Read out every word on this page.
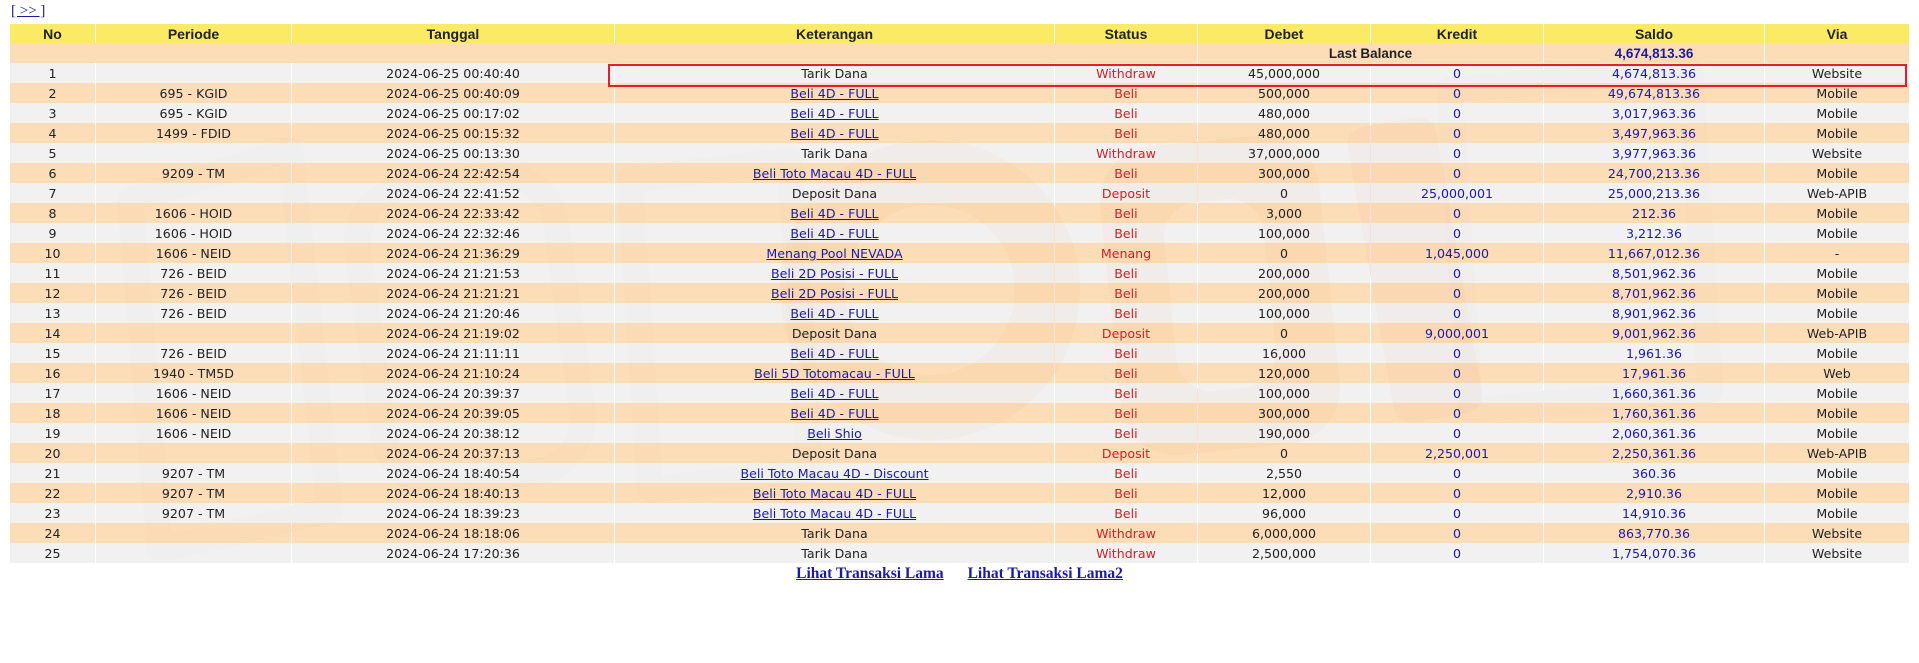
[ >> ]
No	Periode	Tanggal	Keterangan	Status	Debet	Kredit	Saldo	Via
					Last Balance		4,674,813.36	
1		2024-06-25 00:40:40	Tarik Dana	Withdraw	45,000,000	0	4,674,813.36	Website
2	695 - KGID	2024-06-25 00:40:09	Beli 4D - FULL	Beli	500,000	0	49,674,813.36	Mobile
3	695 - KGID	2024-06-25 00:17:02	Beli 4D - FULL	Beli	480,000	0	3,017,963.36	Mobile
4	1499 - FDID	2024-06-25 00:15:32	Beli 4D - FULL	Beli	480,000	0	3,497,963.36	Mobile
5		2024-06-25 00:13:30	Tarik Dana	Withdraw	37,000,000	0	3,977,963.36	Website
6	9209 - TM	2024-06-24 22:42:54	Beli Toto Macau 4D - FULL	Beli	300,000	0	24,700,213.36	Mobile
7		2024-06-24 22:41:52	Deposit Dana	Deposit	0	25,000,001	25,000,213.36	Web-APIB
8	1606 - HOID	2024-06-24 22:33:42	Beli 4D - FULL	Beli	3,000	0	212.36	Mobile
9	1606 - HOID	2024-06-24 22:32:46	Beli 4D - FULL	Beli	100,000	0	3,212.36	Mobile
10	1606 - NEID	2024-06-24 21:36:29	Menang Pool NEVADA	Menang	0	1,045,000	11,667,012.36	-
11	726 - BEID	2024-06-24 21:21:53	Beli 2D Posisi - FULL	Beli	200,000	0	8,501,962.36	Mobile
12	726 - BEID	2024-06-24 21:21:21	Beli 2D Posisi - FULL	Beli	200,000	0	8,701,962.36	Mobile
13	726 - BEID	2024-06-24 21:20:46	Beli 4D - FULL	Beli	100,000	0	8,901,962.36	Mobile
14		2024-06-24 21:19:02	Deposit Dana	Deposit	0	9,000,001	9,001,962.36	Web-APIB
15	726 - BEID	2024-06-24 21:11:11	Beli 4D - FULL	Beli	16,000	0	1,961.36	Mobile
16	1940 - TM5D	2024-06-24 21:10:24	Beli 5D Totomacau - FULL	Beli	120,000	0	17,961.36	Web
17	1606 - NEID	2024-06-24 20:39:37	Beli 4D - FULL	Beli	100,000	0	1,660,361.36	Mobile
18	1606 - NEID	2024-06-24 20:39:05	Beli 4D - FULL	Beli	300,000	0	1,760,361.36	Mobile
19	1606 - NEID	2024-06-24 20:38:12	Beli Shio	Beli	190,000	0	2,060,361.36	Mobile
20		2024-06-24 20:37:13	Deposit Dana	Deposit	0	2,250,001	2,250,361.36	Web-APIB
21	9207 - TM	2024-06-24 18:40:54	Beli Toto Macau 4D - Discount	Beli	2,550	0	360.36	Mobile
22	9207 - TM	2024-06-24 18:40:13	Beli Toto Macau 4D - FULL	Beli	12,000	0	2,910.36	Mobile
23	9207 - TM	2024-06-24 18:39:23	Beli Toto Macau 4D - FULL	Beli	96,000	0	14,910.36	Mobile
24		2024-06-24 18:18:06	Tarik Dana	Withdraw	6,000,000	0	863,770.36	Website
25		2024-06-24 17:20:36	Tarik Dana	Withdraw	2,500,000	0	1,754,070.36	Website
Lihat Transaksi Lama Lihat Transaksi Lama2
